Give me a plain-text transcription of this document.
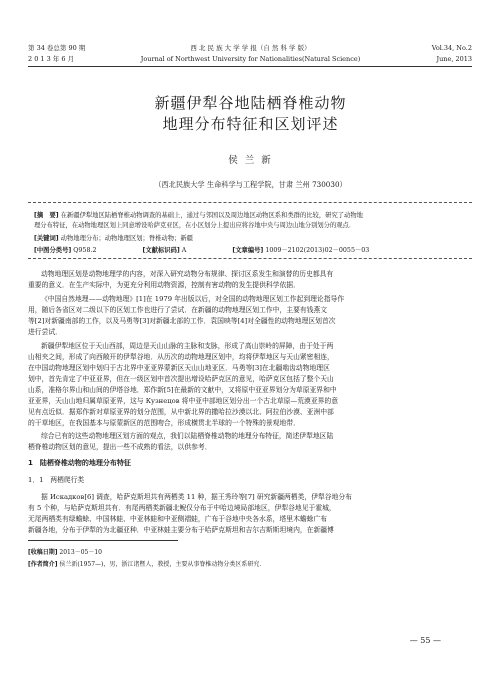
第 34 卷总第 90 期
2 0 1 3 年 6 月
西 北 民 族 大 学 学 报（自 然 科 学 版）
Journal of Northwest University for Nationalities(Natural Science)
Vol.34, No.2
June, 2013
新疆伊犁谷地陆栖脊椎动物
地理分布特征和区划评述
侯 兰 新
（西北民族大学 生命科学与工程学院，甘肃 兰州 730030）
[摘　要] 在新疆伊犁地区陆栖脊椎动物调查的基础上，通过与邻国以及周边地区动物区系和类群的比较，研究了动物地
理分布特征，在动物地理区划上同意增设哈萨克亚区，在小区划分上提出应将谷地中央与周边山地分别划分的观点．
[关键词] 动物地理分布；动物地理区划；脊椎动物；新疆
[中图分类号] Q958.2	[文献标识码] A	[文章编号] 1009－2102(2013)02－0055－03
动物地理区划是动物地理学的内容，对深入研究动物分布规律、探讨区系发生和演替的历史都具有
重要的意义．在生产实际中，为更充分利用动物资源，控制有害动物的发生提供科学依据．
《中国自然地理——动物地理》[1]在 1979 年出版以后，对全国的动物地理区划工作起到理论指导作
用，随后各省区对二级以下的区划工作也进行了尝试．在新疆的动物地理区划工作中，主要有钱燕文
等[2]对新疆南部的工作，以及马勇等[3]对新疆北部的工作．袁国映等[4]对全疆性的动物地理区划首次
进行尝试．
新疆伊犁地区位于天山西部，周边是天山山脉的主脉和支脉，形成了高山崇岭的屏障，由于处于两
山相夹之间，形成了向西敞开的伊犁谷地．从历次的动物地理区划中，均将伊犁地区与天山紧密相连，
在中国动物地理区划中划归于古北界中亚亚界蒙新区天山山地亚区．马勇等[3]在北疆啮齿动物地理区
划中，首先肯定了中亚亚界，但在一级区划中首次提出增设哈萨克区的意见，哈萨克区包括了整个天山
山系，准格尔界山和山间的伊塔谷地．郑作新[5]在最新的文献中，又将原中亚亚界划分为草原亚界和中
亚亚界，天山山地归属草原亚界，这与 Кузнецов 将中亚中部地区划分出一个古北草原—荒漠亚界的意
见有点近似．据郑作新对草原亚界的划分范围，从中新北界的撒哈拉沙漠以北、阿拉伯沙漠、亚洲中部
的干草地区，在我国基本与原蒙新区的范围吻合，形成横贯北半球的一个特殊的景观地带．
综合已有的这些动物地理区划方面的观点，我们以陆栖脊椎动物的地理分布特征，简述伊犁地区陆
栖脊椎动物区划的意见，提出一些不成熟的看法，以供参考．
1　陆栖脊椎动物的地理分布特征
1．1　两栖爬行类
据 Искадков[6] 调查，哈萨克斯坦共有两栖类 11 种，据王秀玲等[7] 研究新疆两栖类，伊犁谷地分布
有 5 个种，与哈萨克斯坦共有．有尾两栖类新疆北鲵仅分布于中哈边境局部地区，伊犁谷地见于霍城，
无尾两栖类有绿蟾蜍、中国林蛙、中亚林蛙和中亚侧褶蛙，广布于谷地中央各水系，塔里木蟾蜍广布
新疆各地，分布于伊犁的为北疆亚种．中亚林蛙主要分布于哈萨克斯坦和吉尔吉斯斯坦境内，在新疆博
[收稿日期] 2013－05－10
[作者简介] 侯兰新(1957—)，男，浙江诸暨人，教授，主要从事脊椎动物分类区系研究．
— 55 —
